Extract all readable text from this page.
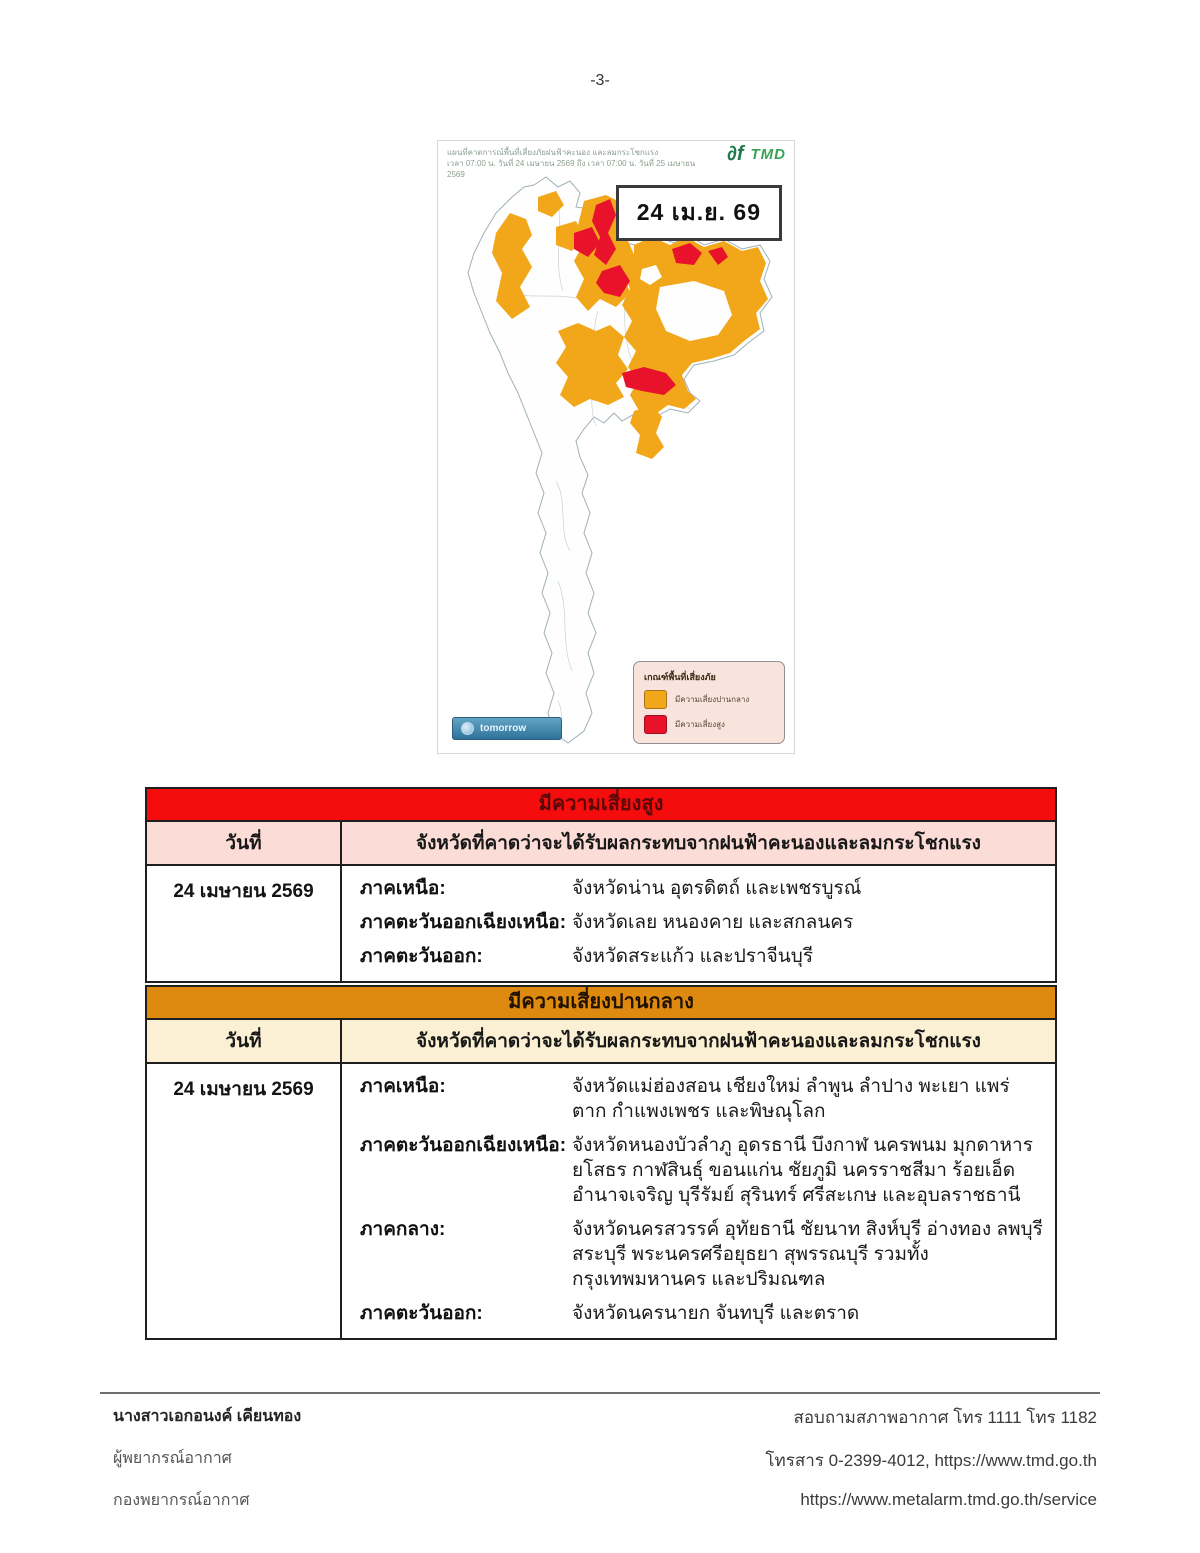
-3-
แผนที่คาดการณ์พื้นที่เสี่ยงภัยฝนฟ้าคะนอง และลมกระโชกแรง
เวลา 07:00 น. วันที่ 24 เมษายน 2569 ถึง เวลา 07:00 น. วันที่ 25 เมษายน 2569
∂f TMD
24 เม.ย. 69
เกณฑ์พื้นที่เสี่ยงภัย
มีความเสี่ยงปานกลาง
มีความเสี่ยงสูง
tomorrow
มีความเสี่ยงสูง
วันที่	จังหวัดที่คาดว่าจะได้รับผลกระทบจากฝนฟ้าคะนองและลมกระโชกแรง
24 เมษายน 2569	ภาคเหนือ:	จังหวัดน่าน อุตรดิตถ์ และเพชรบูรณ์
ภาคตะวันออกเฉียงเหนือ: จังหวัดเลย หนองคาย และสกลนคร
ภาคตะวันออก:	จังหวัดสระแก้ว และปราจีนบุรี
มีความเสี่ยงปานกลาง
วันที่	จังหวัดที่คาดว่าจะได้รับผลกระทบจากฝนฟ้าคะนองและลมกระโชกแรง
24 เมษายน 2569	ภาคเหนือ:	จังหวัดแม่ฮ่องสอน เชียงใหม่ ลำพูน ลำปาง พะเยา แพร่ ตาก กำแพงเพชร และพิษณุโลก
ภาคตะวันออกเฉียงเหนือ: จังหวัดหนองบัวลำภู อุดรธานี บึงกาฬ นครพนม มุกดาหาร ยโสธร กาฬสินธุ์ ขอนแก่น ชัยภูมิ นครราชสีมา ร้อยเอ็ด อำนาจเจริญ บุรีรัมย์ สุรินทร์ ศรีสะเกษ และอุบลราชธานี
ภาคกลาง:	จังหวัดนครสวรรค์ อุทัยธานี ชัยนาท สิงห์บุรี อ่างทอง ลพบุรี สระบุรี พระนครศรีอยุธยา สุพรรณบุรี รวมทั้งกรุงเทพมหานคร และปริมณฑล
ภาคตะวันออก:	จังหวัดนครนายก จันทบุรี และตราด
นางสาวเอกอนงค์ เคียนทอง
ผู้พยากรณ์อากาศ
กองพยากรณ์อากาศ
สอบถามสภาพอากาศ โทร 1111 โทร 1182
โทรสาร 0-2399-4012, https://www.tmd.go.th
https://www.metalarm.tmd.go.th/service
